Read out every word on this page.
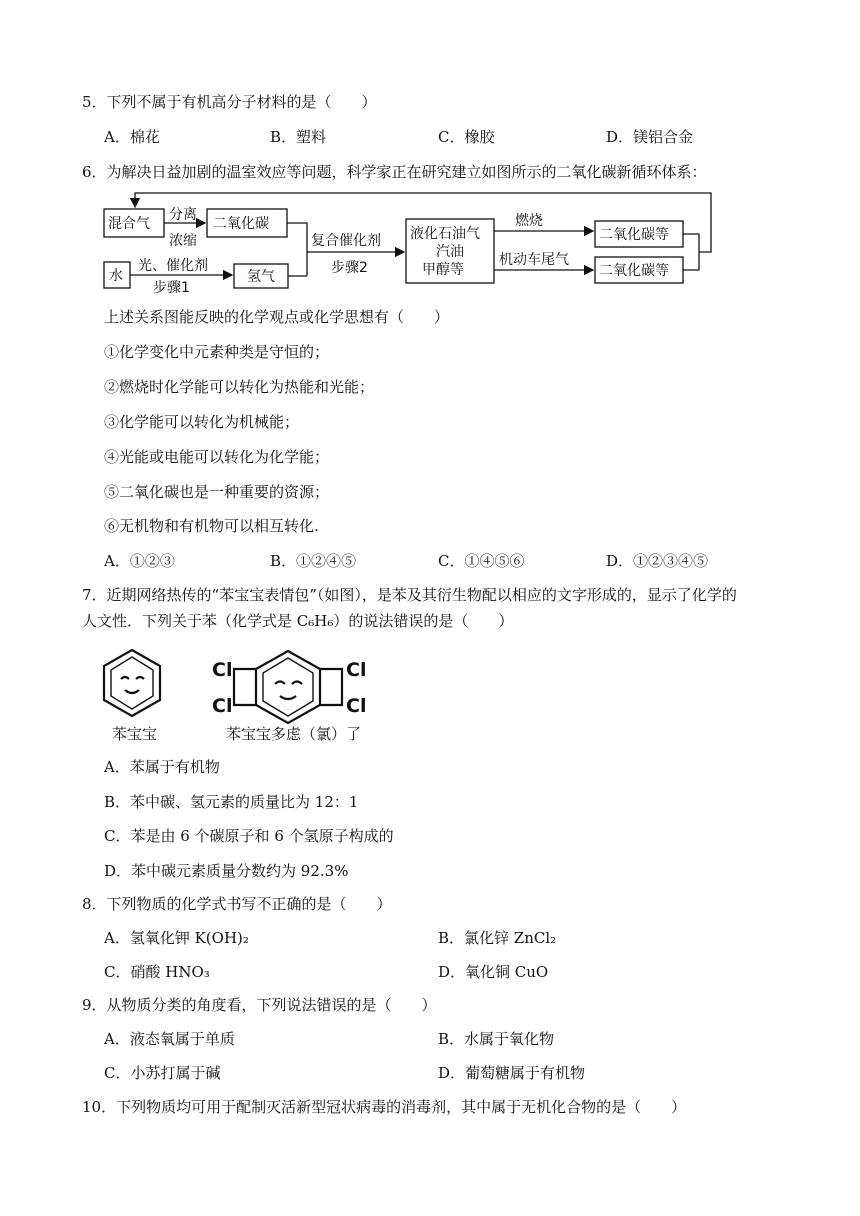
5．下列不属于有机高分子材料的是（　　）
A．棉花	B．塑料	C．橡胶	D．镁铝合金
6．为解决日益加剧的温室效应等问题，科学家正在研究建立如图所示的二氧化碳新循环体系：
混合气
分离
浓缩
二氧化碳
水
光、催化剂
步骤1
氢气
复合催化剂
步骤2
液化石油气
汽油
甲醇等
燃烧
机动车尾气
二氧化碳等
二氧化碳等
上述关系图能反映的化学观点或化学思想有（　　）
①化学变化中元素种类是守恒的；
②燃烧时化学能可以转化为热能和光能；
③化学能可以转化为机械能；
④光能或电能可以转化为化学能；
⑤二氧化碳也是一种重要的资源；
⑥无机物和有机物可以相互转化.
A．①②③	B．①②④⑤	C．①④⑤⑥	D．①②③④⑤
7．近期网络热传的“苯宝宝表情包”（如图），是苯及其衍生物配以相应的文字形成的，显示了化学的
人文性．下列关于苯（化学式是 C₆H₆）的说法错误的是（　　）
Cl
Cl
Cl
Cl
苯宝宝	苯宝宝多虑（氯）了
A．苯属于有机物
B．苯中碳、氢元素的质量比为 12：1
C．苯是由 6 个碳原子和 6 个氢原子构成的
D．苯中碳元素质量分数约为 92.3%
8．下列物质的化学式书写不正确的是（　　）
A．氢氧化钾 K(OH)₂	B．氯化锌 ZnCl₂
C．硝酸 HNO₃	D．氧化铜 CuO
9．从物质分类的角度看，下列说法错误的是（　　）
A．液态氧属于单质	B．水属于氧化物
C．小苏打属于碱	D．葡萄糖属于有机物
10．下列物质均可用于配制灭活新型冠状病毒的消毒剂，其中属于无机化合物的是（　　）
